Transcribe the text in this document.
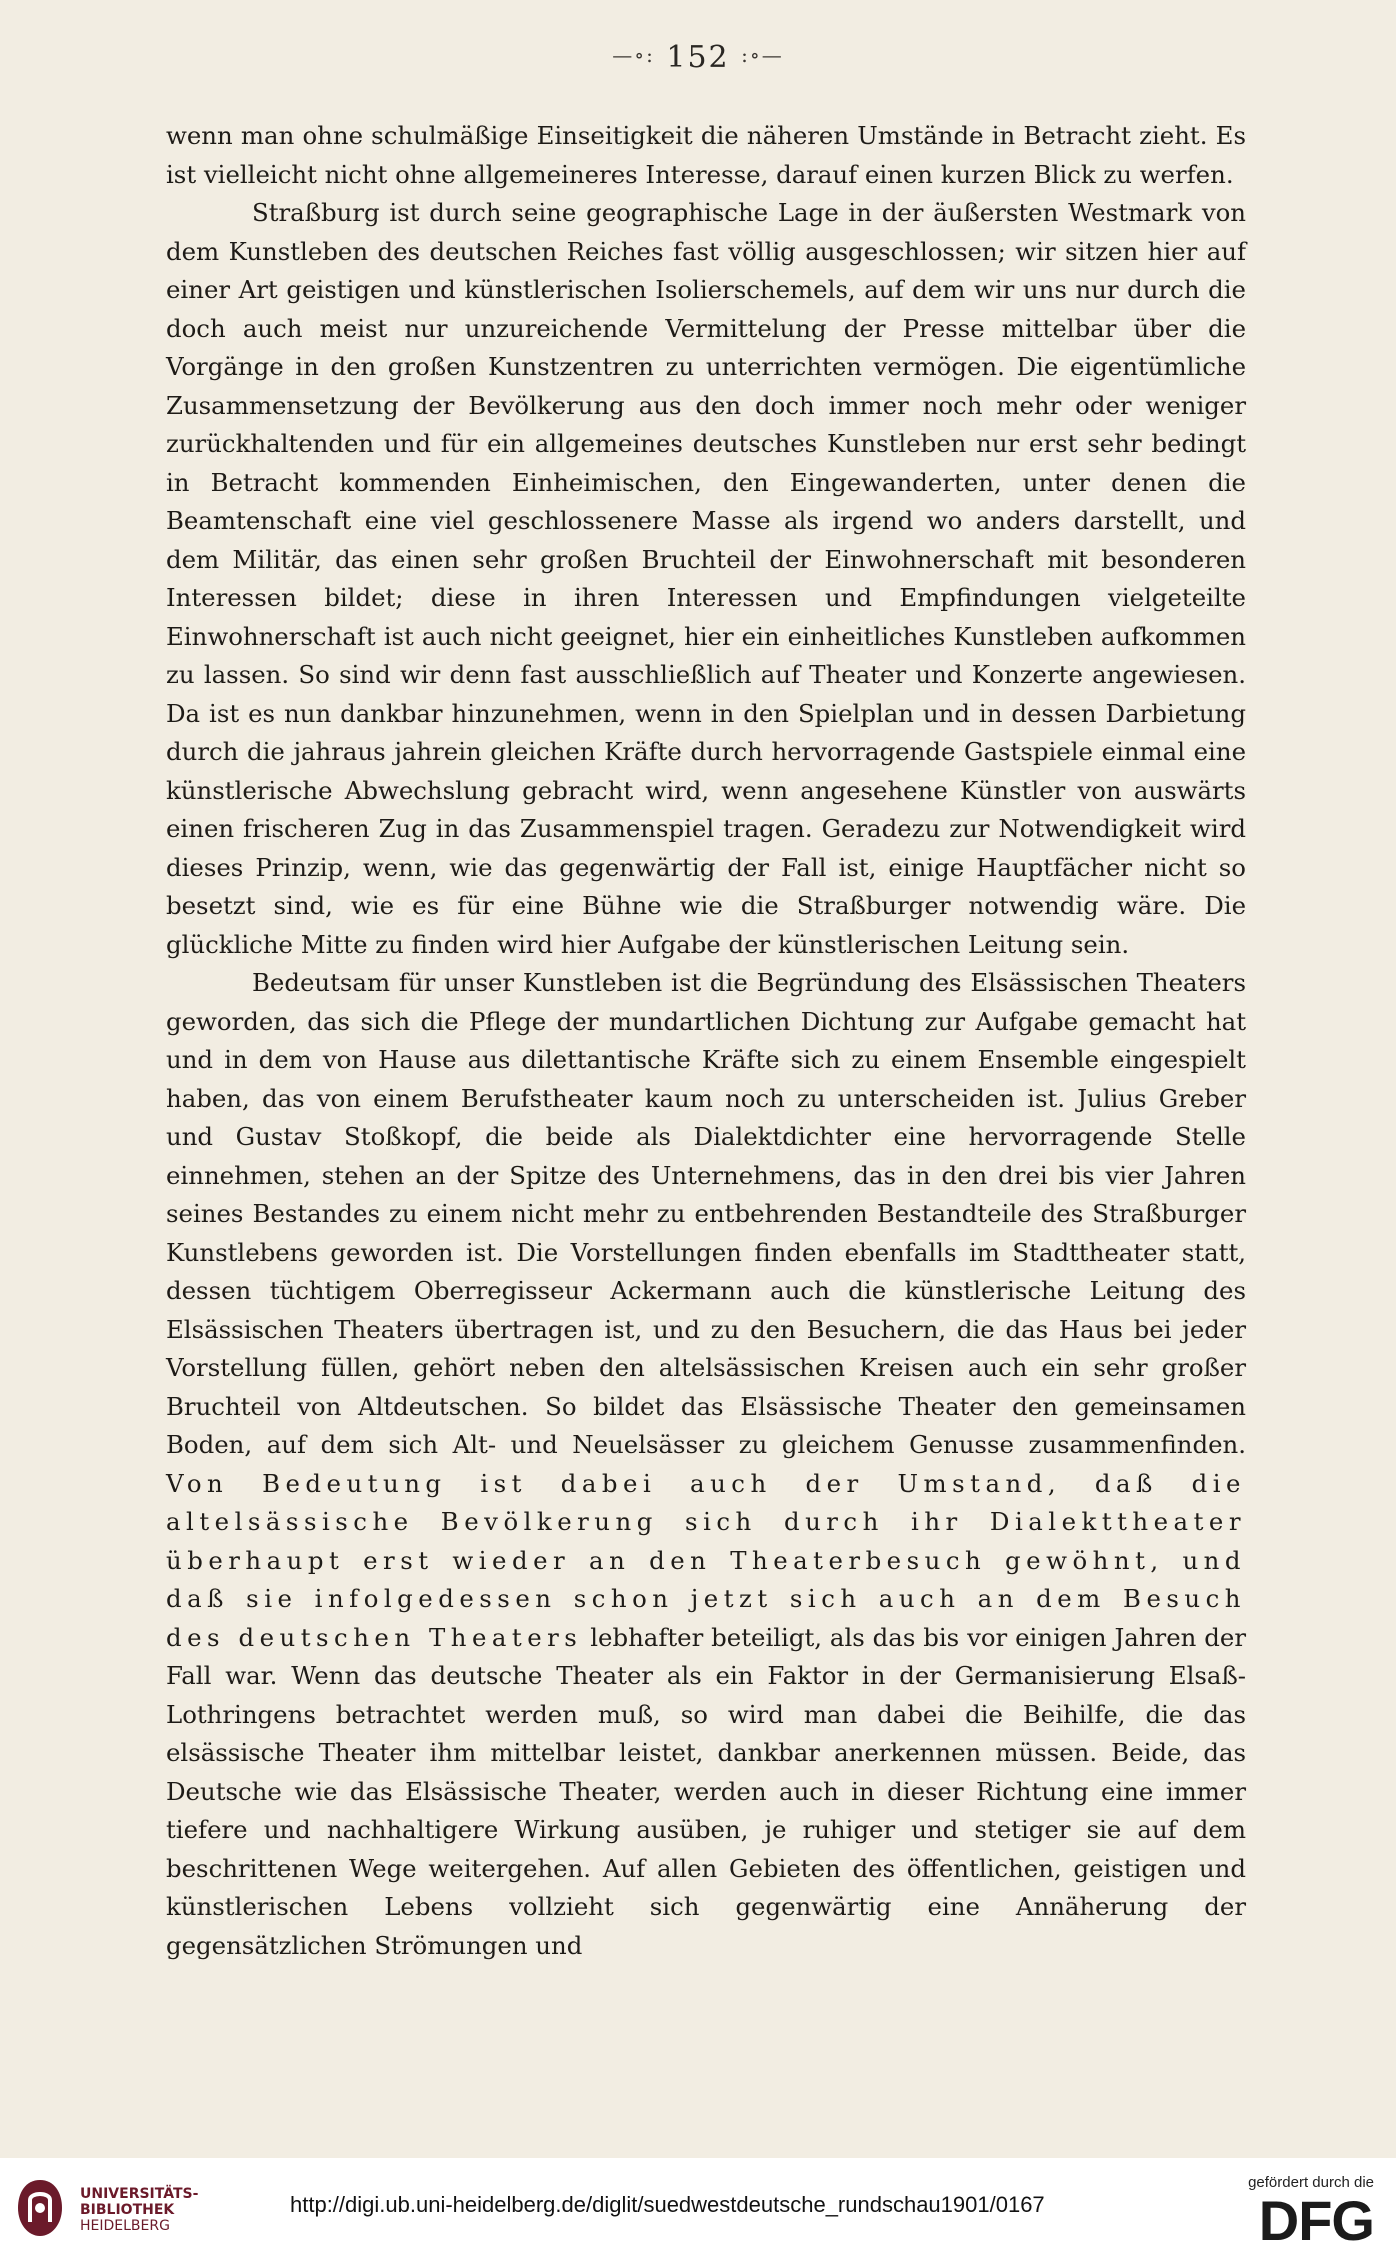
—∘: 152 :∘—

wenn man ohne schulmäßige Einseitigkeit die näheren Umstände in Betracht zieht. Es ist vielleicht nicht ohne allgemeineres Interesse, darauf einen kurzen Blick zu werfen.

Straßburg ist durch seine geographische Lage in der äußersten Westmark von dem Kunstleben des deutschen Reiches fast völlig ausgeschlossen; wir sitzen hier auf einer Art geistigen und künstlerischen Isolierschemels, auf dem wir uns nur durch die doch auch meist nur unzureichende Vermittelung der Presse mittelbar über die Vorgänge in den großen Kunstzentren zu unterrichten vermögen. Die eigentümliche Zusammensetzung der Bevölkerung aus den doch immer noch mehr oder weniger zurückhaltenden und für ein allgemeines deutsches Kunstleben nur erst sehr bedingt in Betracht kommenden Einheimischen, den Eingewanderten, unter denen die Beamtenschaft eine viel geschlossenere Masse als irgend wo anders darstellt, und dem Militär, das einen sehr großen Bruchteil der Einwohnerschaft mit besonderen Interessen bildet; diese in ihren Interessen und Empfindungen vielgeteilte Einwohnerschaft ist auch nicht geeignet, hier ein einheitliches Kunstleben aufkommen zu lassen. So sind wir denn fast ausschließlich auf Theater und Konzerte angewiesen. Da ist es nun dankbar hinzunehmen, wenn in den Spielplan und in dessen Darbietung durch die jahraus jahrein gleichen Kräfte durch hervorragende Gastspiele einmal eine künstlerische Abwechslung gebracht wird, wenn angesehene Künstler von auswärts einen frischeren Zug in das Zusammenspiel tragen. Geradezu zur Notwendigkeit wird dieses Prinzip, wenn, wie das gegenwärtig der Fall ist, einige Hauptfächer nicht so besetzt sind, wie es für eine Bühne wie die Straßburger notwendig wäre. Die glückliche Mitte zu finden wird hier Aufgabe der künstlerischen Leitung sein.

Bedeutsam für unser Kunstleben ist die Begründung des Elsässischen Theaters geworden, das sich die Pflege der mundartlichen Dichtung zur Aufgabe gemacht hat und in dem von Hause aus dilettantische Kräfte sich zu einem Ensemble eingespielt haben, das von einem Berufstheater kaum noch zu unterscheiden ist. Julius Greber und Gustav Stoßkopf, die beide als Dialektdichter eine hervorragende Stelle einnehmen, stehen an der Spitze des Unternehmens, das in den drei bis vier Jahren seines Bestandes zu einem nicht mehr zu entbehrenden Bestandteile des Straßburger Kunstlebens geworden ist. Die Vorstellungen finden ebenfalls im Stadttheater statt, dessen tüchtigem Oberregisseur Ackermann auch die künstlerische Leitung des Elsässischen Theaters übertragen ist, und zu den Besuchern, die das Haus bei jeder Vorstellung füllen, gehört neben den altelsässischen Kreisen auch ein sehr großer Bruchteil von Altdeutschen. So bildet das Elsässische Theater den gemeinsamen Boden, auf dem sich Alt- und Neuelsässer zu gleichem Genusse zusammenfinden. Von Bedeutung ist dabei auch der Umstand, daß die altelsässische Bevölkerung sich durch ihr Dialekttheater überhaupt erst wieder an den Theaterbesuch gewöhnt, und daß sie infolgedessen schon jetzt sich auch an dem Besuch des deutschen Theaters lebhafter beteiligt, als das bis vor einigen Jahren der Fall war. Wenn das deutsche Theater als ein Faktor in der Germanisierung Elsaß-Lothringens betrachtet werden muß, so wird man dabei die Beihilfe, die das elsässische Theater ihm mittelbar leistet, dankbar anerkennen müssen. Beide, das Deutsche wie das Elsässische Theater, werden auch in dieser Richtung eine immer tiefere und nachhaltigere Wirkung ausüben, je ruhiger und stetiger sie auf dem beschrittenen Wege weitergehen. Auf allen Gebieten des öffentlichen, geistigen und künstlerischen Lebens vollzieht sich gegenwärtig eine Annäherung der gegensätzlichen Strömungen und

UNIVERSITÄTS-
BIBLIOTHEK
HEIDELBERG
http://digi.ub.uni-heidelberg.de/diglit/suedwestdeutsche_rundschau1901/0167
gefördert durch die
DFG
